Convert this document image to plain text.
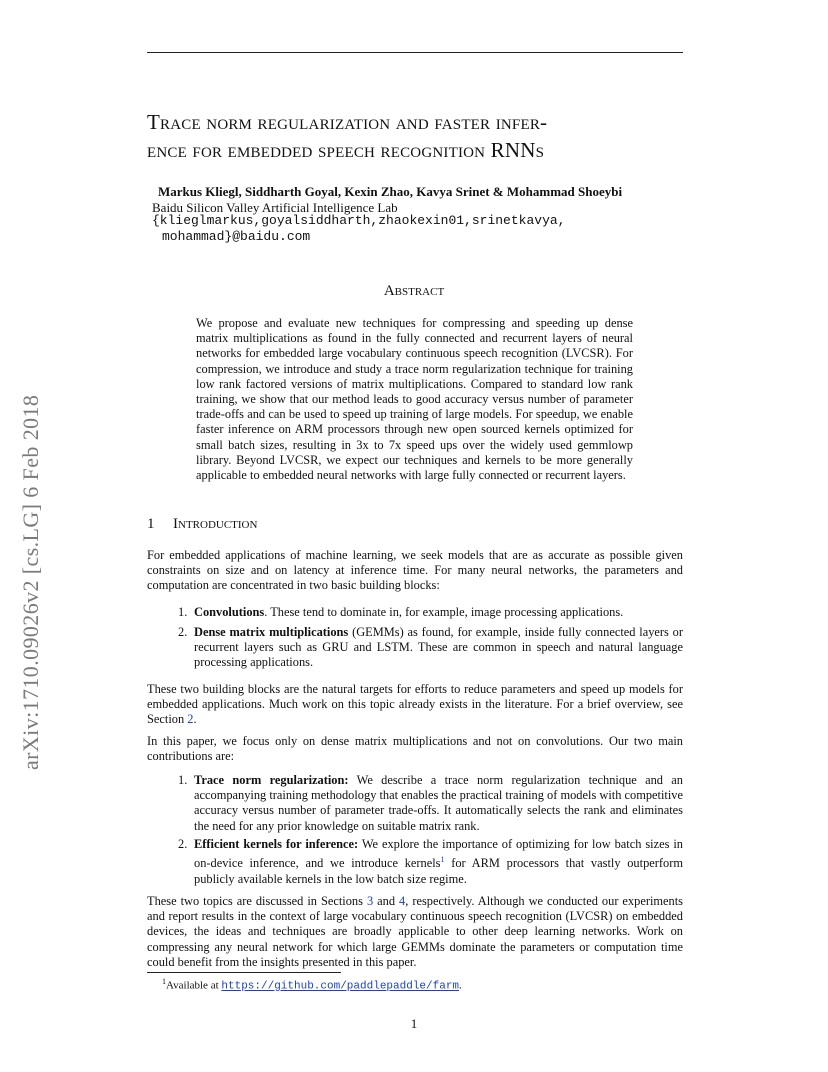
arXiv:1710.09026v2 [cs.LG] 6 Feb 2018
Trace norm regularization and faster infer-
ence for embedded speech recognition RNNs
Markus Kliegl, Siddharth Goyal, Kexin Zhao, Kavya Srinet & Mohammad Shoeybi
Baidu Silicon Valley Artificial Intelligence Lab
{klieglmarkus,goyalsiddharth,zhaokexin01,srinetkavya,
mohammad}@baidu.com
Abstract
We propose and evaluate new techniques for compressing and speeding up dense matrix multiplications as found in the fully connected and recurrent layers of neural networks for embedded large vocabulary continuous speech recognition (LVCSR). For compression, we introduce and study a trace norm regularization technique for training low rank factored versions of matrix multiplications. Compared to standard low rank training, we show that our method leads to good accuracy versus number of parameter trade-offs and can be used to speed up training of large models. For speedup, we enable faster inference on ARM processors through new open sourced kernels optimized for small batch sizes, resulting in 3x to 7x speed ups over the widely used gemmlowp library. Beyond LVCSR, we expect our techniques and kernels to be more generally applicable to embedded neural networks with large fully connected or recurrent layers.
1 Introduction
For embedded applications of machine learning, we seek models that are as accurate as possible given constraints on size and on latency at inference time. For many neural networks, the parameters and computation are concentrated in two basic building blocks:
1. Convolutions. These tend to dominate in, for example, image processing applications.
2. Dense matrix multiplications (GEMMs) as found, for example, inside fully connected layers or recurrent layers such as GRU and LSTM. These are common in speech and natural language processing applications.
These two building blocks are the natural targets for efforts to reduce parameters and speed up models for embedded applications. Much work on this topic already exists in the literature. For a brief overview, see Section 2.
In this paper, we focus only on dense matrix multiplications and not on convolutions. Our two main contributions are:
1. Trace norm regularization: We describe a trace norm regularization technique and an accompanying training methodology that enables the practical training of models with competitive accuracy versus number of parameter trade-offs. It automatically selects the rank and eliminates the need for any prior knowledge on suitable matrix rank.
2. Efficient kernels for inference: We explore the importance of optimizing for low batch sizes in on-device inference, and we introduce kernels$^1$ for ARM processors that vastly outperform publicly available kernels in the low batch size regime.
These two topics are discussed in Sections 3 and 4, respectively. Although we conducted our experiments and report results in the context of large vocabulary continuous speech recognition (LVCSR) on embedded devices, the ideas and techniques are broadly applicable to other deep learning networks. Work on compressing any neural network for which large GEMMs dominate the parameters or computation time could benefit from the insights presented in this paper.
$^1$Available at https://github.com/paddlepaddle/farm.
1
